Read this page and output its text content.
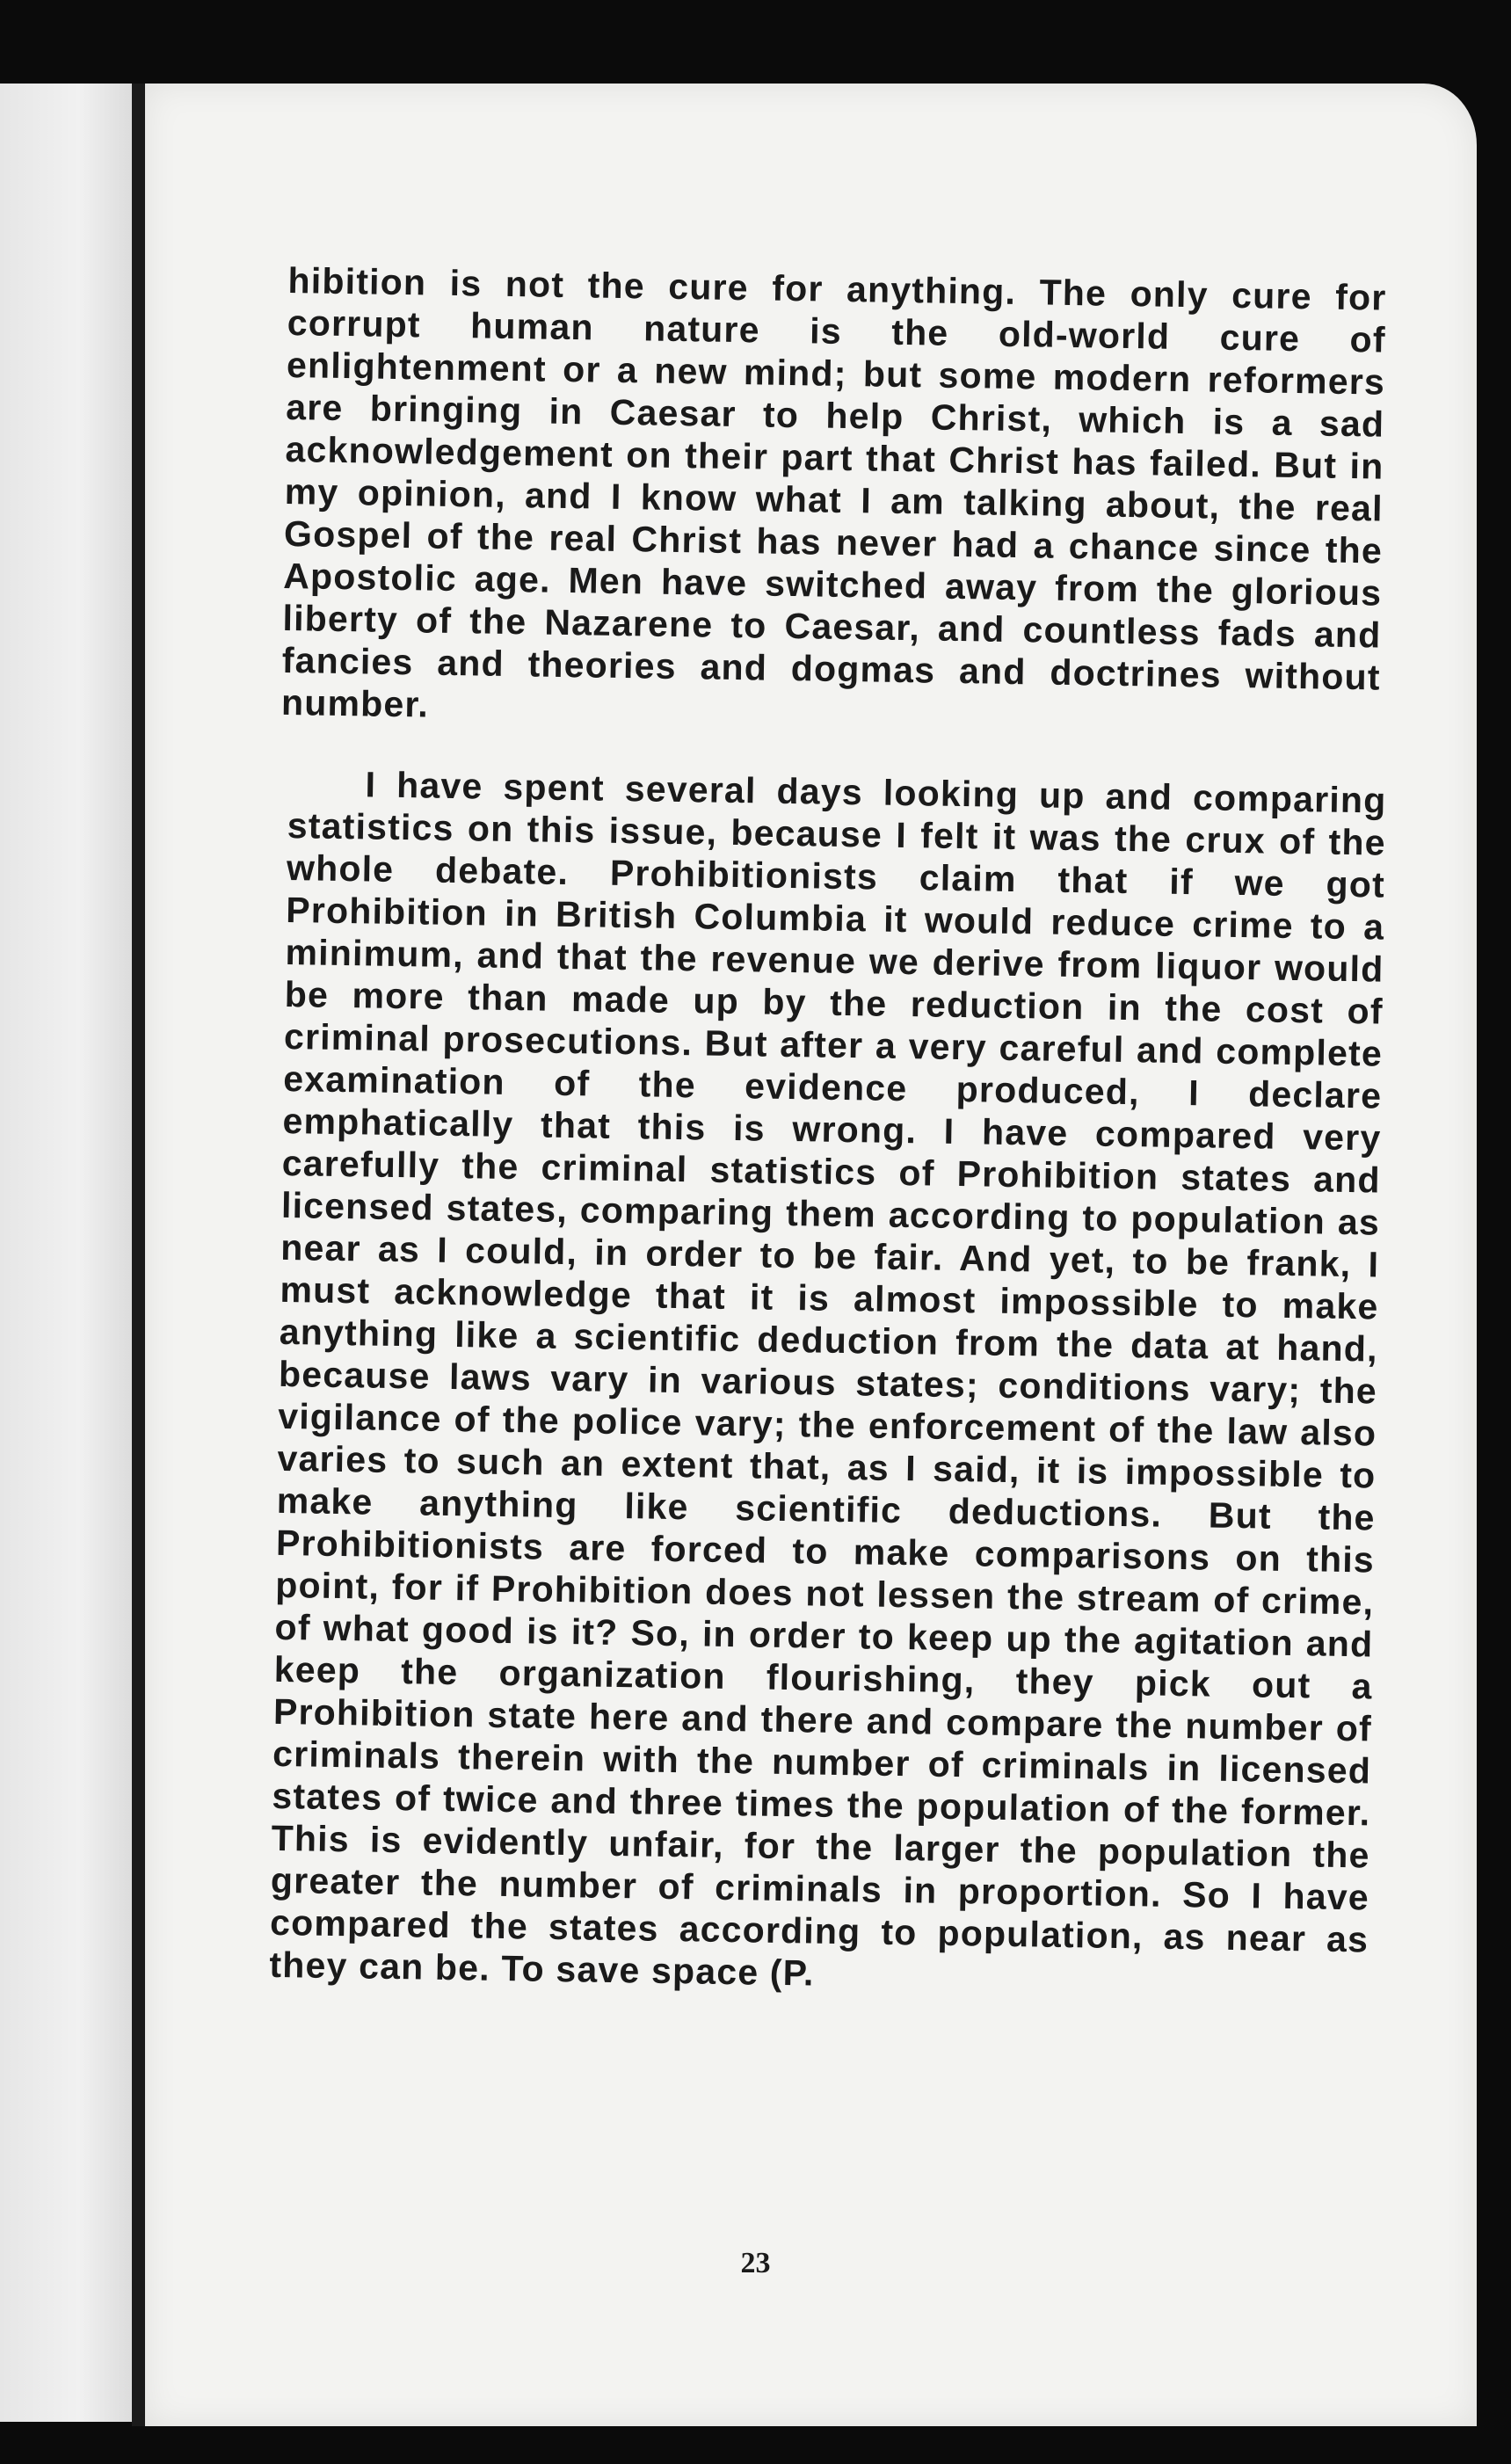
hibition is not the cure for anything. The only cure for corrupt human nature is the old-world cure of enlightenment or a new mind; but some modern reformers are bringing in Caesar to help Christ, which is a sad acknowledgement on their part that Christ has failed. But in my opinion, and I know what I am talking about, the real Gospel of the real Christ has never had a chance since the Apostolic age. Men have switched away from the glorious liberty of the Nazarene to Caesar, and countless fads and fancies and theories and dogmas and doctrines without number.

I have spent several days looking up and comparing statistics on this issue, because I felt it was the crux of the whole debate. Prohibitionists claim that if we got Prohibition in British Columbia it would reduce crime to a minimum, and that the revenue we derive from liquor would be more than made up by the reduction in the cost of criminal prosecutions. But after a very careful and complete examination of the evidence produced, I declare emphatically that this is wrong. I have compared very carefully the criminal statistics of Prohibition states and licensed states, comparing them according to population as near as I could, in order to be fair. And yet, to be frank, I must acknowledge that it is almost impossible to make anything like a scientific deduction from the data at hand, because laws vary in various states; conditions vary; the vigilance of the police vary; the enforcement of the law also varies to such an extent that, as I said, it is impossible to make anything like scientific deductions. But the Prohibitionists are forced to make comparisons on this point, for if Prohibition does not lessen the stream of crime, of what good is it? So, in order to keep up the agitation and keep the organization flourishing, they pick out a Prohibition state here and there and compare the number of criminals therein with the number of criminals in licensed states of twice and three times the population of the former. This is evidently unfair, for the larger the population the greater the number of criminals in proportion. So I have compared the states according to population, as near as they can be. To save space (P.

23
